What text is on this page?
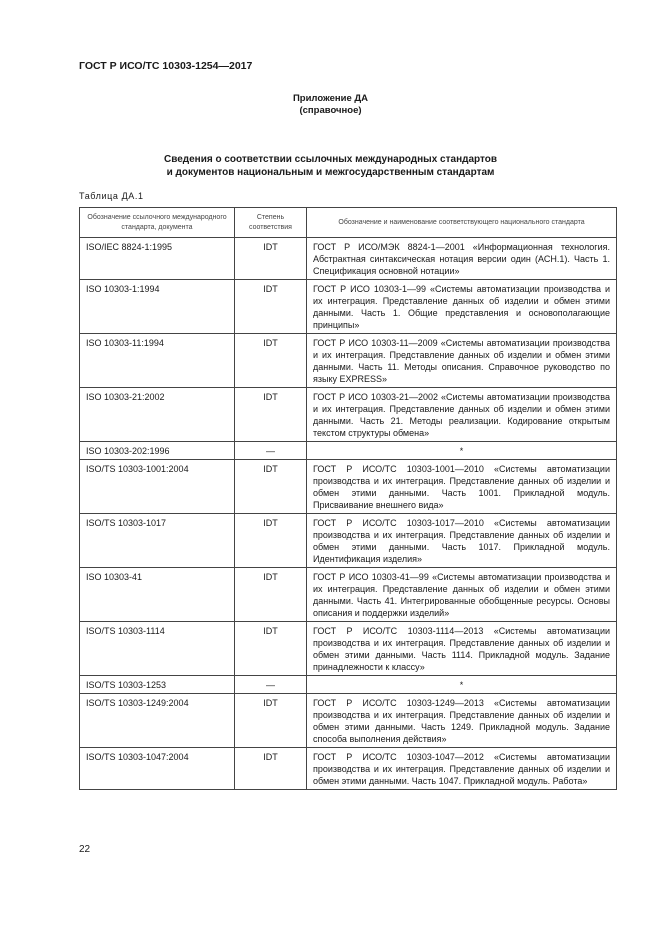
ГОСТ Р ИСО/ТС 10303-1254—2017
Приложение ДА
(справочное)
Сведения о соответствии ссылочных международных стандартов
и документов национальным и межгосударственным стандартам
Таблица ДА.1
Обозначение ссылочного международного стандарта, документа	Степень соответствия	Обозначение и наименование соответствующего национального стандарта
ISO/IEC 8824-1:1995	IDT	ГОСТ Р ИСО/МЭК 8824-1—2001 «Информационная технология. Абстрактная синтаксическая нотация версии один (АСН.1). Часть 1. Спецификация основной нотации»
ISO 10303-1:1994	IDT	ГОСТ Р ИСО 10303-1—99 «Системы автоматизации производства и их интеграция. Представление данных об изделии и обмен этими данными. Часть 1. Общие представления и основополагающие принципы»
ISO 10303-11:1994	IDT	ГОСТ Р ИСО 10303-11—2009 «Системы автоматизации производства и их интеграция. Представление данных об изделии и обмен этими данными. Часть 11. Методы описания. Справочное руководство по языку EXPRESS»
ISO 10303-21:2002	IDT	ГОСТ Р ИСО 10303-21—2002 «Системы автоматизации производства и их интеграция. Представление данных об изделии и обмен этими данными. Часть 21. Методы реализации. Кодирование открытым текстом структуры обмена»
ISO 10303-202:1996	—	*
ISO/TS 10303-1001:2004	IDT	ГОСТ Р ИСО/ТС 10303-1001—2010 «Системы автоматизации производства и их интеграция. Представление данных об изделии и обмен этими данными. Часть 1001. Прикладной модуль. Присваивание внешнего вида»
ISO/TS 10303-1017	IDT	ГОСТ Р ИСО/ТС 10303-1017—2010 «Системы автоматизации производства и их интеграция. Представление данных об изделии и обмен этими данными. Часть 1017. Прикладной модуль. Идентификация изделия»
ISO 10303-41	IDT	ГОСТ Р ИСО 10303-41—99 «Системы автоматизации производства и их интеграция. Представление данных об изделии и обмен этими данными. Часть 41. Интегрированные обобщенные ресурсы. Основы описания и поддержки изделий»
ISO/TS 10303-1114	IDT	ГОСТ Р ИСО/ТС 10303-1114—2013 «Системы автоматизации производства и их интеграция. Представление данных об изделии и обмен этими данными. Часть 1114. Прикладной модуль. Задание принадлежности к классу»
ISO/TS 10303-1253	—	*
ISO/TS 10303-1249:2004	IDT	ГОСТ Р ИСО/ТС 10303-1249—2013 «Системы автоматизации производства и их интеграция. Представление данных об изделии и обмен этими данными. Часть 1249. Прикладной модуль. Задание способа выполнения действия»
ISO/TS 10303-1047:2004	IDT	ГОСТ Р ИСО/ТС 10303-1047—2012 «Системы автоматизации производства и их интеграция. Представление данных об изделии и обмен этими данными. Часть 1047. Прикладной модуль. Работа»
22
